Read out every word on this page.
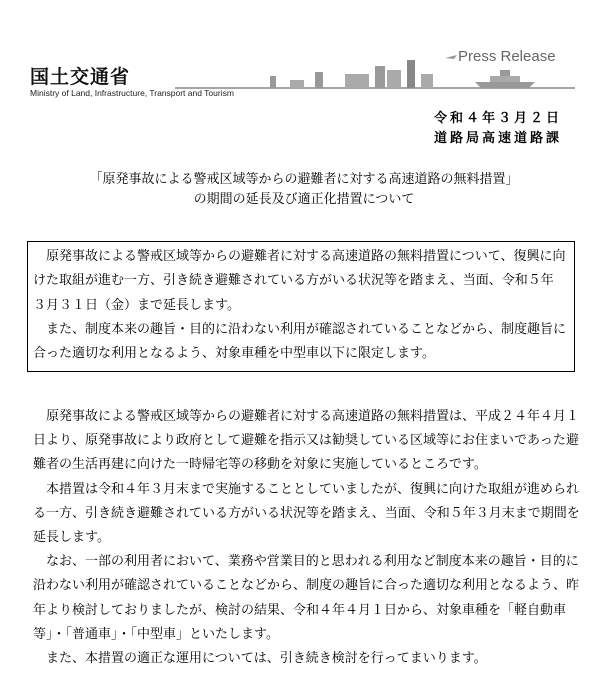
国土交通省
Ministry of Land, Infrastructure, Transport and Tourism
Press Release
令和４年３月２日
道路局高速道路課
「原発事故による警戒区域等からの避難者に対する高速道路の無料措置」
の期間の延長及び適正化措置について

原発事故による警戒区域等からの避難者に対する高速道路の無料措置について、復興に向けた取組が進む一方、引き続き避難されている方がいる状況等を踏まえ、当面、令和５年３月３１日（金）まで延長します。

また、制度本来の趣旨・目的に沿わない利用が確認されていることなどから、制度趣旨に合った適切な利用となるよう、対象車種を中型車以下に限定します。

原発事故による警戒区域等からの避難者に対する高速道路の無料措置は、平成２４年４月１日より、原発事故により政府として避難を指示又は勧奨している区域等にお住まいであった避難者の生活再建に向けた一時帰宅等の移動を対象に実施しているところです。

本措置は令和４年３月末まで実施することとしていましたが、復興に向けた取組が進められる一方、引き続き避難されている方がいる状況等を踏まえ、当面、令和５年３月末まで期間を延長します。

なお、一部の利用者において、業務や営業目的と思われる利用など制度本来の趣旨・目的に沿わない利用が確認されていることなどから、制度の趣旨に合った適切な利用となるよう、昨年より検討しておりましたが、検討の結果、令和４年４月１日から、対象車種を「軽自動車等」・「普通車」・「中型車」といたします。

また、本措置の適正な運用については、引き続き検討を行ってまいります。
